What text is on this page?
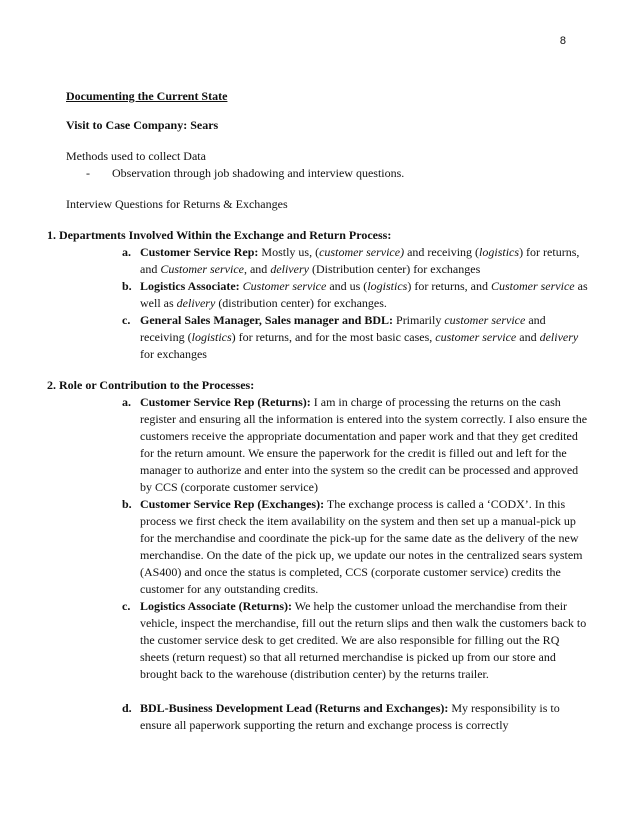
8
Documenting the Current State
Visit to Case Company: Sears
Methods used to collect Data
- Observation through job shadowing and interview questions.
Interview Questions for Returns & Exchanges
1. Departments Involved Within the Exchange and Return Process:
a. Customer Service Rep: Mostly us, (customer service) and receiving (logistics) for returns, and Customer service, and delivery (Distribution center) for exchanges
b. Logistics Associate: Customer service and us (logistics) for returns, and Customer service as well as delivery (distribution center) for exchanges.
c. General Sales Manager, Sales manager and BDL: Primarily customer service and receiving (logistics) for returns, and for the most basic cases, customer service and delivery for exchanges
2. Role or Contribution to the Processes:
a. Customer Service Rep (Returns): I am in charge of processing the returns on the cash register and ensuring all the information is entered into the system correctly. I also ensure the customers receive the appropriate documentation and paper work and that they get credited for the return amount. We ensure the paperwork for the credit is filled out and left for the manager to authorize and enter into the system so the credit can be processed and approved by CCS (corporate customer service)
b. Customer Service Rep (Exchanges): The exchange process is called a ‘CODX’. In this process we first check the item availability on the system and then set up a manual-pick up for the merchandise and coordinate the pick-up for the same date as the delivery of the new merchandise. On the date of the pick up, we update our notes in the centralized sears system (AS400) and once the status is completed, CCS (corporate customer service) credits the customer for any outstanding credits.
c. Logistics Associate (Returns): We help the customer unload the merchandise from their vehicle, inspect the merchandise, fill out the return slips and then walk the customers back to the customer service desk to get credited. We are also responsible for filling out the RQ sheets (return request) so that all returned merchandise is picked up from our store and brought back to the warehouse (distribution center) by the returns trailer.
d. BDL-Business Development Lead (Returns and Exchanges): My responsibility is to ensure all paperwork supporting the return and exchange process is correctly
